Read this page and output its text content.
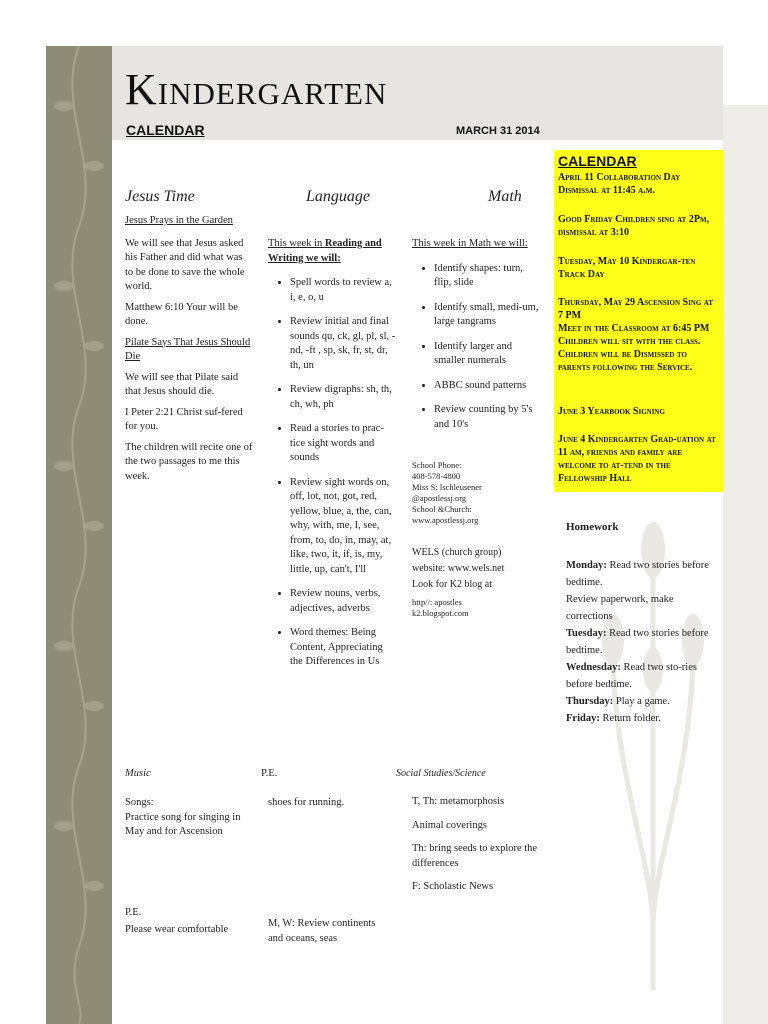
Kindergarten
CALENDAR	MARCH 31 2014
Jesus Time	Language	Math

Jesus Prays in the Garden

We will see that Jesus asked his Father and did what was to be done to save the whole world.

Matthew 6:10 Your will be done.

Pilate Says That Jesus Should Die

We will see that Pilate said that Jesus should die.

I Peter 2:21 Christ suf-fered for you.

The children will recite one of the two passages to me this week.

This week in Reading and Writing we will:

• Spell words to review a, i, e, o, u
• Review initial and final sounds qu, ck, gl, pl, sl, -nd, -ft , sp, sk, fr, st, dr, th, un
• Review digraphs: sh, th, ch, wh, ph
• Read a stories to prac-tice sight words and sounds
• Review sight words on, off, lot, not, got, red, yellow, blue, a, the, can, why, with, me, I, see, from, to, do, in, may, at, like, two, it, if, is, my, little, up, can't, I'll
• Review nouns, verbs, adjectives, adverbs
• Word themes: Being Content, Appreciating the Differences in Us

This week in Math we will:

• Identify shapes: turn, flip, slide
• Identify small, medi-um, large tangrams
• Identify larger and smaller numerals
• ABBC sound patterns
• Review counting by 5's and 10's
School Phone:
408-578-4800
Miss S: lschleusener
@apostlessj.org
School &Church:
www.apostlessj.org
WELS (church group)
website: www.wels.net
Look for K2 blog at
http//: apostles
k2.blogspot.com
CALENDAR

April 11 Collaboration Day Dismissal at 11:45 a.m.

Good Friday Children sing at 2Pm, dismissal at 3:10

Tuesday, May 10 Kindergar-ten Track Day

Thursday, May 29 Ascension Sing at 7 PM

Meet in the Classroom at 6:45 PM Children will sit with the class. Children will be Dismissed to parents following the Service.

June 3 Yearbook Signing

June 4 Kindergarten Grad-uation at 11 am, friends and family are welcome to at-tend in the Fellowship Hall

Homework
Monday: Read two stories before bedtime.
Review paperwork, make corrections
Tuesday: Read two stories before bedtime.
Wednesday: Read two sto-ries before bedtime.
Thursday: Play a game.
Friday: Return folder.
Music
Songs:
Practice song for singing in May and for Ascension
P.E.
Please wear comfortable
P.E.
shoes for running.
M, W: Review continents and oceans, seas
Social Studies/Science

T, Th: metamorphosis

Animal coverings

Th: bring seeds to explore the differences

F: Scholastic News
